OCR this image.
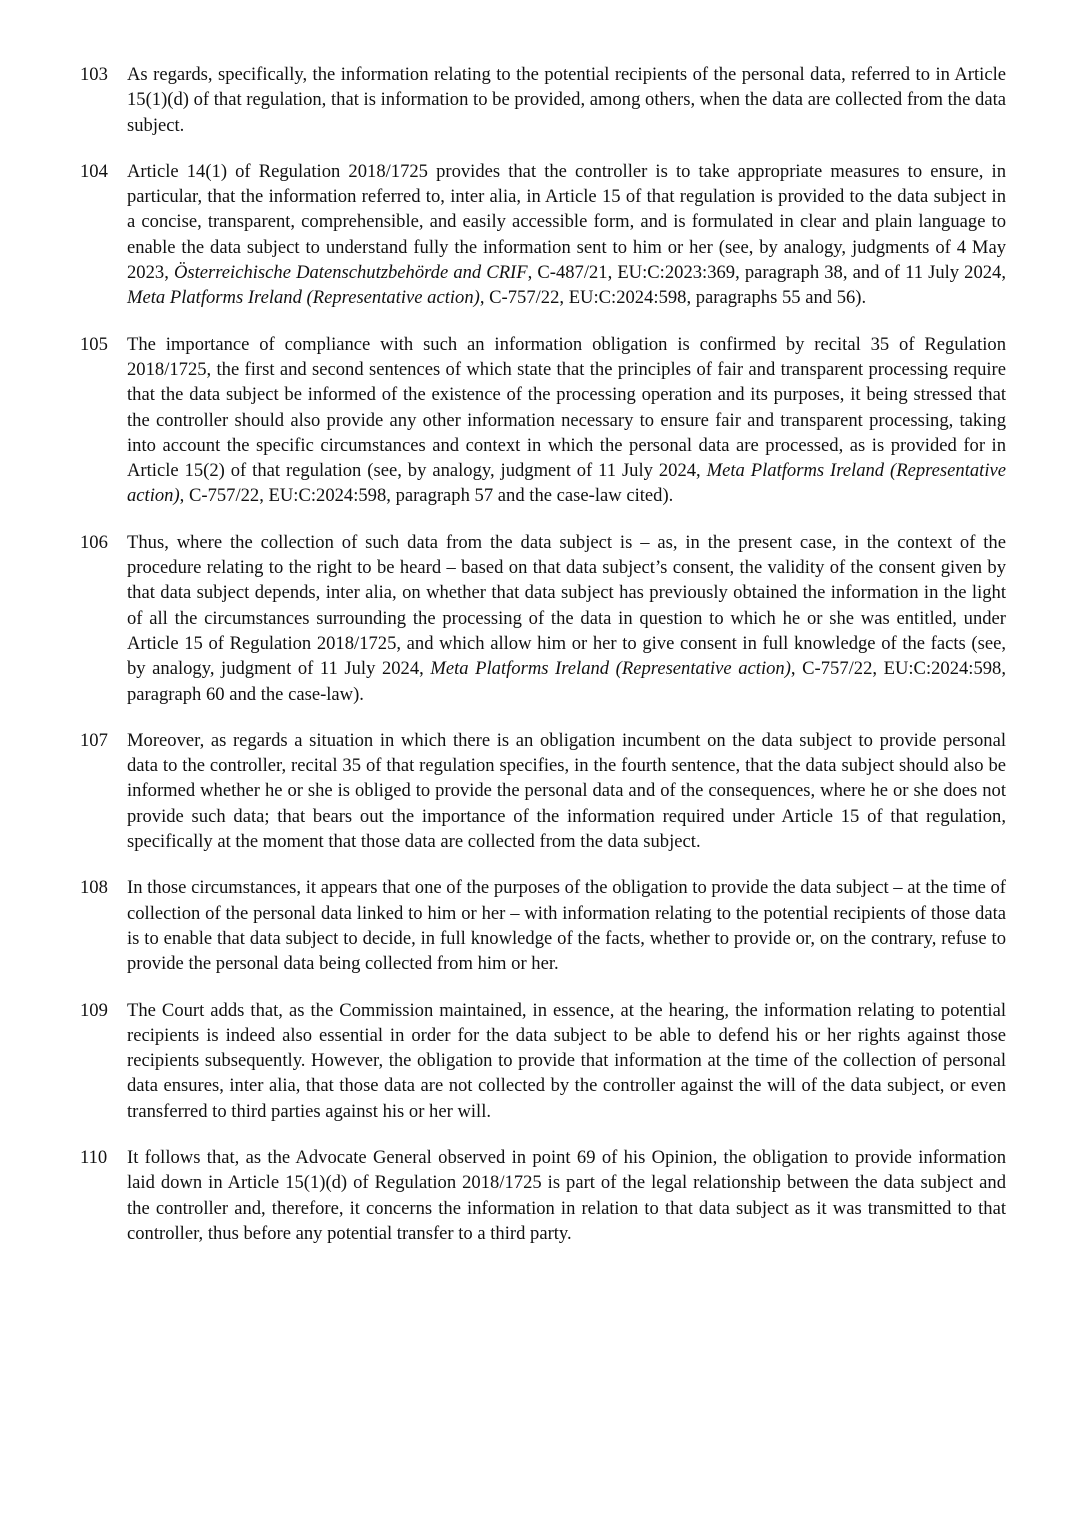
103 As regards, specifically, the information relating to the potential recipients of the personal data, referred to in Article 15(1)(d) of that regulation, that is information to be provided, among others, when the data are collected from the data subject.

104 Article 14(1) of Regulation 2018/1725 provides that the controller is to take appropriate measures to ensure, in particular, that the information referred to, inter alia, in Article 15 of that regulation is provided to the data subject in a concise, transparent, comprehensible, and easily accessible form, and is formulated in clear and plain language to enable the data subject to understand fully the information sent to him or her (see, by analogy, judgments of 4 May 2023, Österreichische Datenschutzbehörde and CRIF, C‑487/21, EU:C:2023:369, paragraph 38, and of 11 July 2024, Meta Platforms Ireland (Representative action), C‑757/22, EU:C:2024:598, paragraphs 55 and 56).

105 The importance of compliance with such an information obligation is confirmed by recital 35 of Regulation 2018/1725, the first and second sentences of which state that the principles of fair and transparent processing require that the data subject be informed of the existence of the processing operation and its purposes, it being stressed that the controller should also provide any other information necessary to ensure fair and transparent processing, taking into account the specific circumstances and context in which the personal data are processed, as is provided for in Article 15(2) of that regulation (see, by analogy, judgment of 11 July 2024, Meta Platforms Ireland (Representative action), C‑757/22, EU:C:2024:598, paragraph 57 and the case-law cited).

106 Thus, where the collection of such data from the data subject is – as, in the present case, in the context of the procedure relating to the right to be heard – based on that data subject’s consent, the validity of the consent given by that data subject depends, inter alia, on whether that data subject has previously obtained the information in the light of all the circumstances surrounding the processing of the data in question to which he or she was entitled, under Article 15 of Regulation 2018/1725, and which allow him or her to give consent in full knowledge of the facts (see, by analogy, judgment of 11 July 2024, Meta Platforms Ireland (Representative action), C‑757/22, EU:C:2024:598, paragraph 60 and the case-law).

107 Moreover, as regards a situation in which there is an obligation incumbent on the data subject to provide personal data to the controller, recital 35 of that regulation specifies, in the fourth sentence, that the data subject should also be informed whether he or she is obliged to provide the personal data and of the consequences, where he or she does not provide such data; that bears out the importance of the information required under Article 15 of that regulation, specifically at the moment that those data are collected from the data subject.

108 In those circumstances, it appears that one of the purposes of the obligation to provide the data subject – at the time of collection of the personal data linked to him or her – with information relating to the potential recipients of those data is to enable that data subject to decide, in full knowledge of the facts, whether to provide or, on the contrary, refuse to provide the personal data being collected from him or her.

109 The Court adds that, as the Commission maintained, in essence, at the hearing, the information relating to potential recipients is indeed also essential in order for the data subject to be able to defend his or her rights against those recipients subsequently. However, the obligation to provide that information at the time of the collection of personal data ensures, inter alia, that those data are not collected by the controller against the will of the data subject, or even transferred to third parties against his or her will.

110 It follows that, as the Advocate General observed in point 69 of his Opinion, the obligation to provide information laid down in Article 15(1)(d) of Regulation 2018/1725 is part of the legal relationship between the data subject and the controller and, therefore, it concerns the information in relation to that data subject as it was transmitted to that controller, thus before any potential transfer to a third party.
